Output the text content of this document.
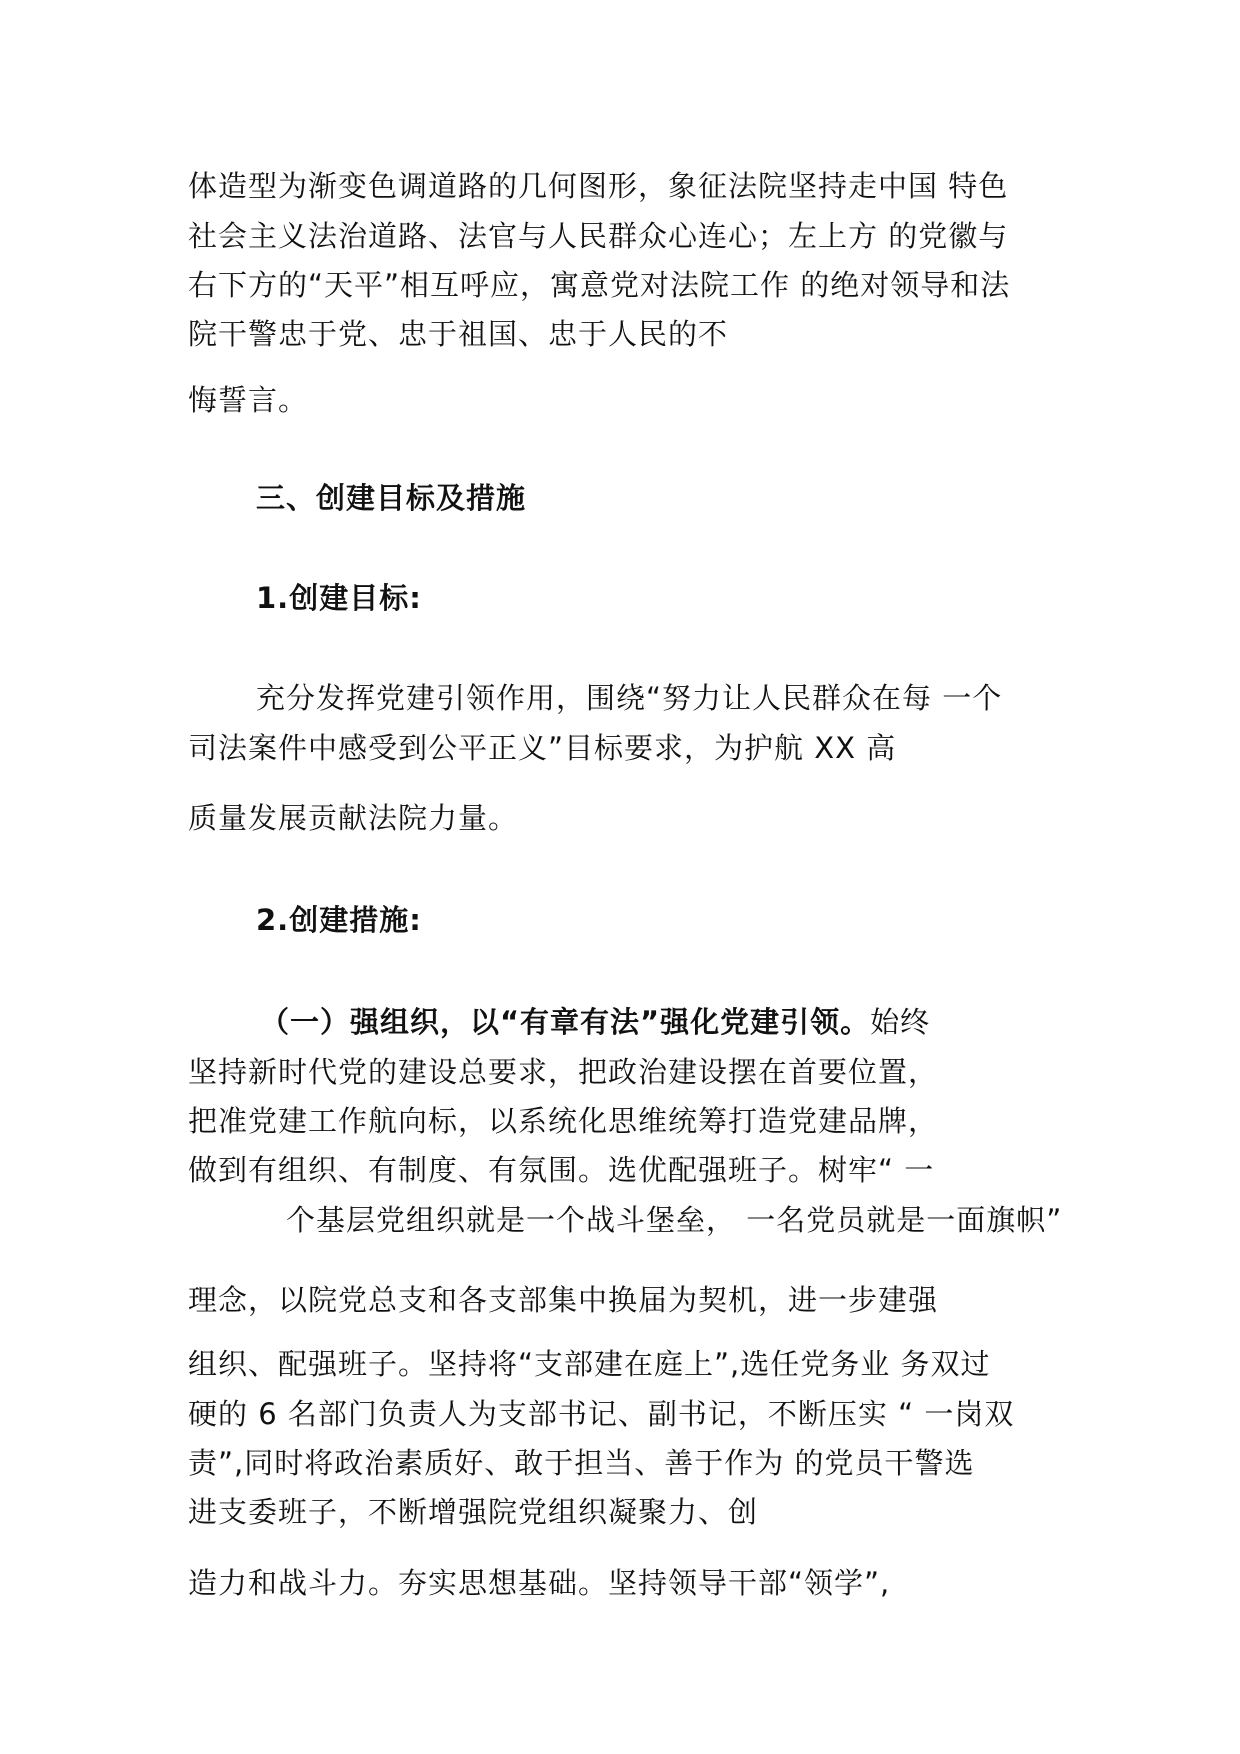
体造型为渐变色调道路的几何图形，象征法院坚持走中国 特色
社会主义法治道路、法官与人民群众心连心；左上方 的党徽与
右下方的“天平”相互呼应，寓意党对法院工作 的绝对领导和法
院干警忠于党、忠于祖国、忠于人民的不
悔誓言。
三、创建目标及措施
1.创建目标:
充分发挥党建引领作用，围绕“努力让人民群众在每 一个
司法案件中感受到公平正义”目标要求，为护航 XX 高
质量发展贡献法院力量。
2.创建措施:
（一）强组织，以“有章有法”强化党建引领。始终
坚持新时代党的建设总要求，把政治建设摆在首要位置，
把准党建工作航向标，以系统化思维统筹打造党建品牌，
做到有组织、有制度、有氛围。选优配强班子。树牢“ 一
个基层党组织就是一个战斗堡垒， 一名党员就是一面旗帜”
理念，以院党总支和各支部集中换届为契机，进一步建强
组织、配强班子。坚持将“支部建在庭上”,选任党务业 务双过
硬的 6 名部门负责人为支部书记、副书记，不断压实 “ 一岗双
责”,同时将政治素质好、敢于担当、善于作为 的党员干警选
进支委班子，不断增强院党组织凝聚力、创
造力和战斗力。夯实思想基础。坚持领导干部“领学”,
